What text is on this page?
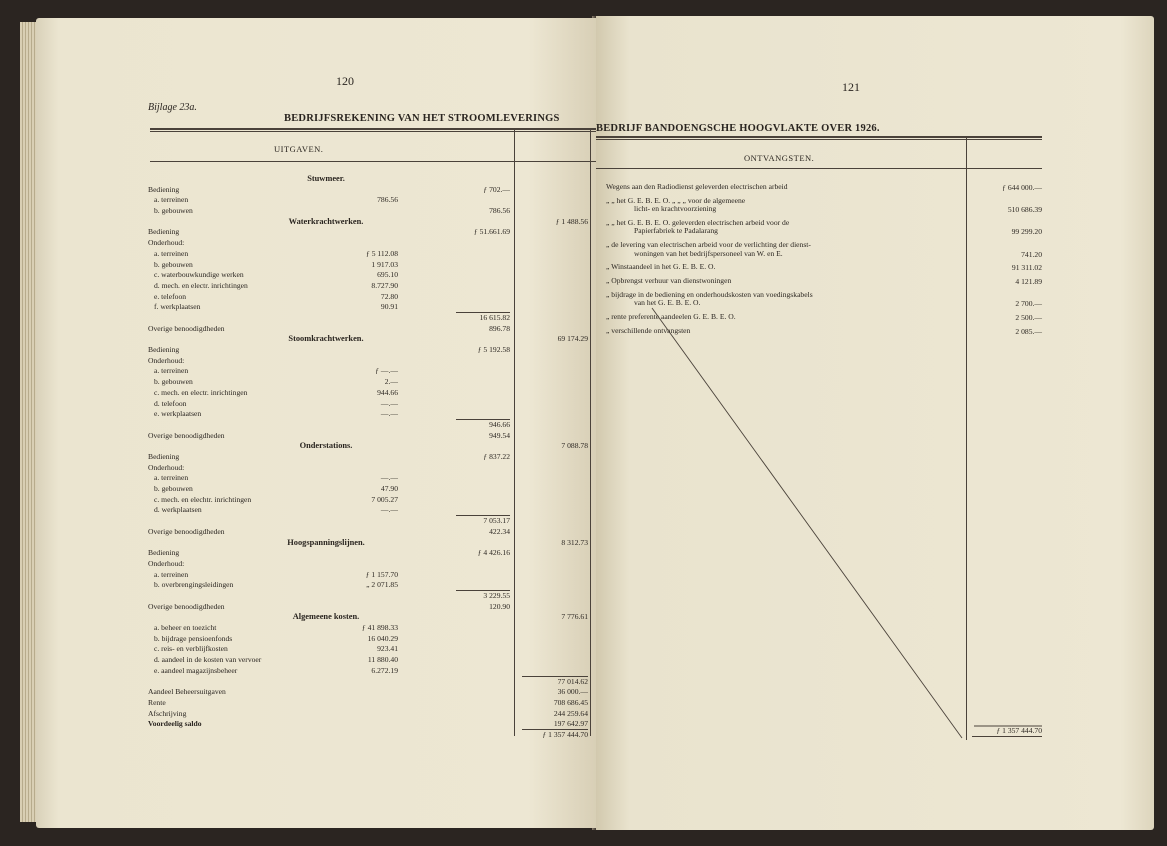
120
Bijlage 23a.
BEDRIJFSREKENING VAN HET STROOMLEVERINGS
UITGAVEN.
Stuwmeer.
Bediening	ƒ 702.—
a. terreinen	786.56
b. gebouwen	786.56
Waterkrachtwerken.	ƒ 1 488.56
Bediening	ƒ 51.661.69
Onderhoud:
a. terreinen	ƒ 5 112.08
b. gebouwen	1 917.03
c. waterbouwkundige werken	695.10
d. mech. en electr. inrichtingen	8.727.90
e. telefoon	72.80
f. werkplaatsen	90.91
16 615.82
Overige benoodigdheden	896.78
Stoomkrachtwerken.	69 174.29
Bediening	ƒ 5 192.58
Onderhoud:
a. terreinen	ƒ —.—
b. gebouwen	2.—
c. mech. en electr. inrichtingen	944.66
d. telefoon	—.—
e. werkplaatsen	—.—
946.66
Overige benoodigdheden	949.54
Onderstations.	7 088.78
Bediening	ƒ 837.22
Onderhoud:
a. terreinen	—.—
b. gebouwen	47.90
c. mech. en elechtr. inrichtingen	7 005.27
d. werkplaatsen	—.—
7 053.17
Overige benoodigdheden	422.34
Hoogspanningslijnen.	8 312.73
Bediening	ƒ 4 426.16
Onderhoud:
a. terreinen	ƒ 1 157.70
b. overbrengingsleidingen	„ 2 071.85
3 229.55
Overige benoodigdheden	120.90
Algemeene kosten.	7 776.61
a. beheer en toezicht	ƒ 41 898.33
b. bijdrage pensioenfonds	16 040.29
c. reis- en verblijfkosten	923.41
d. aandeel in de kosten van vervoer	11 880.40
e. aandeel magazijnsbeheer	6.272.19
77 014.62
Aandeel Beheersuitgaven	36 000.—
Rente	708 686.45
Afschrijving	244 259.64
Voordeelig saldo	197 642.97
ƒ 1 357 444.70
121
BEDRIJF BANDOENGSCHE HOOGVLAKTE OVER 1926.
ONTVANGSTEN.
Wegens aan den Radiodienst geleverden electrischen arbeid	ƒ 644 000.—
„ „ het G. E. B. E. O. „ „ „ voor de algemeene
licht- en krachtvoorziening	510 686.39
„ „ het G. E. B. E. O. geleverden electrischen arbeid voor de
Papierfabriek te Padalarang	99 299.20
„ de levering van electrischen arbeid voor de verlichting der dienst-
woningen van het bedrijfspersoneel van W. en E.	741.20
„ Winstaandeel in het G. E. B. E. O.	91 311.02
„ Opbrengst verhuur van dienstwoningen	4 121.89
„ bijdrage in de bediening en onderhoudskosten van voedingskabels
van het G. E. B. E. O.	2 700.—
„ rente preferente aandeelen G. E. B. E. O.	2 500.—
„ verschillende ontvangsten	2 085.—
ƒ 1 357 444.70
